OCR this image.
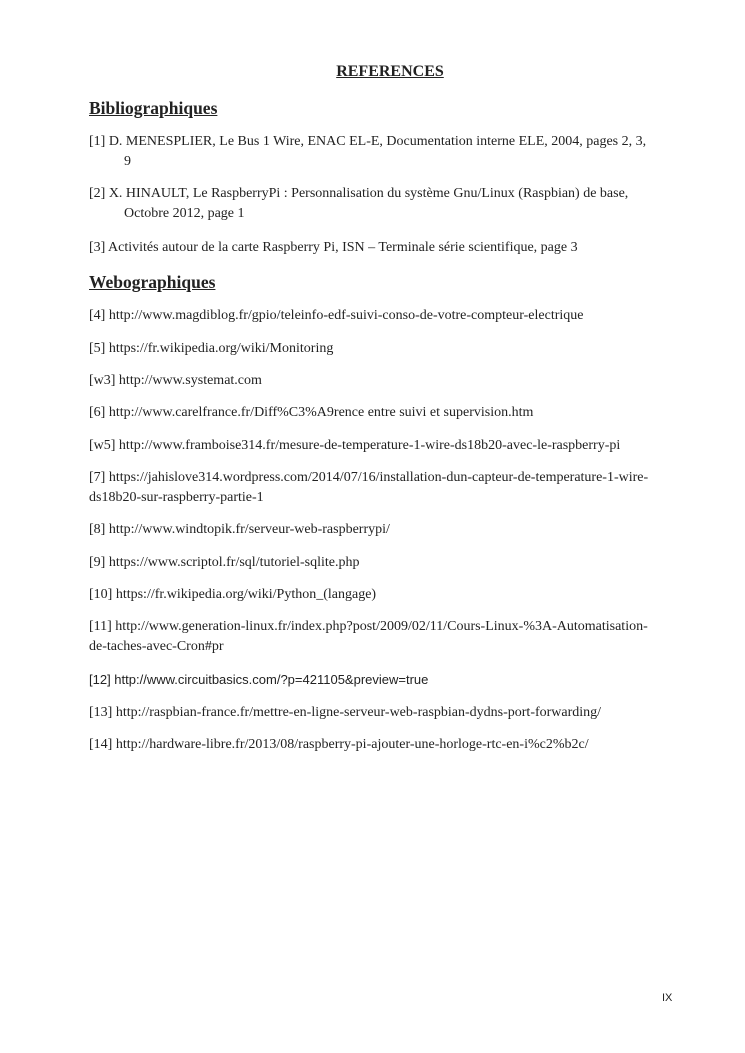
REFERENCES
Bibliographiques

[1] D. MENESPLIER, Le Bus 1 Wire, ENAC EL-E, Documentation interne ELE, 2004, pages 2, 3,
9

[2] X. HINAULT, Le RaspberryPi : Personnalisation du système Gnu/Linux (Raspbian) de base,
Octobre 2012, page 1

[3] Activités autour de la carte Raspberry Pi, ISN – Terminale série scientifique, page 3

Webographiques

[4] http://www.magdiblog.fr/gpio/teleinfo-edf-suivi-conso-de-votre-compteur-electrique

[5] https://fr.wikipedia.org/wiki/Monitoring

[w3] http://www.systemat.com

[6] http://www.carelfrance.fr/Diff%C3%A9rence entre suivi et supervision.htm

[w5] http://www.framboise314.fr/mesure-de-temperature-1-wire-ds18b20-avec-le-raspberry-pi

[7] https://jahislove314.wordpress.com/2014/07/16/installation-dun-capteur-de-temperature-1-wire-
ds18b20-sur-raspberry-partie-1

[8] http://www.windtopik.fr/serveur-web-raspberrypi/

[9] https://www.scriptol.fr/sql/tutoriel-sqlite.php

[10] https://fr.wikipedia.org/wiki/Python_(langage)

[11] http://www.generation-linux.fr/index.php?post/2009/02/11/Cours-Linux-%3A-Automatisation-
de-taches-avec-Cron#pr

[12] http://www.circuitbasics.com/?p=421105&preview=true

[13] http://raspbian-france.fr/mettre-en-ligne-serveur-web-raspbian-dydns-port-forwarding/

[14] http://hardware-libre.fr/2013/08/raspberry-pi-ajouter-une-horloge-rtc-en-i%c2%b2c/

IX
